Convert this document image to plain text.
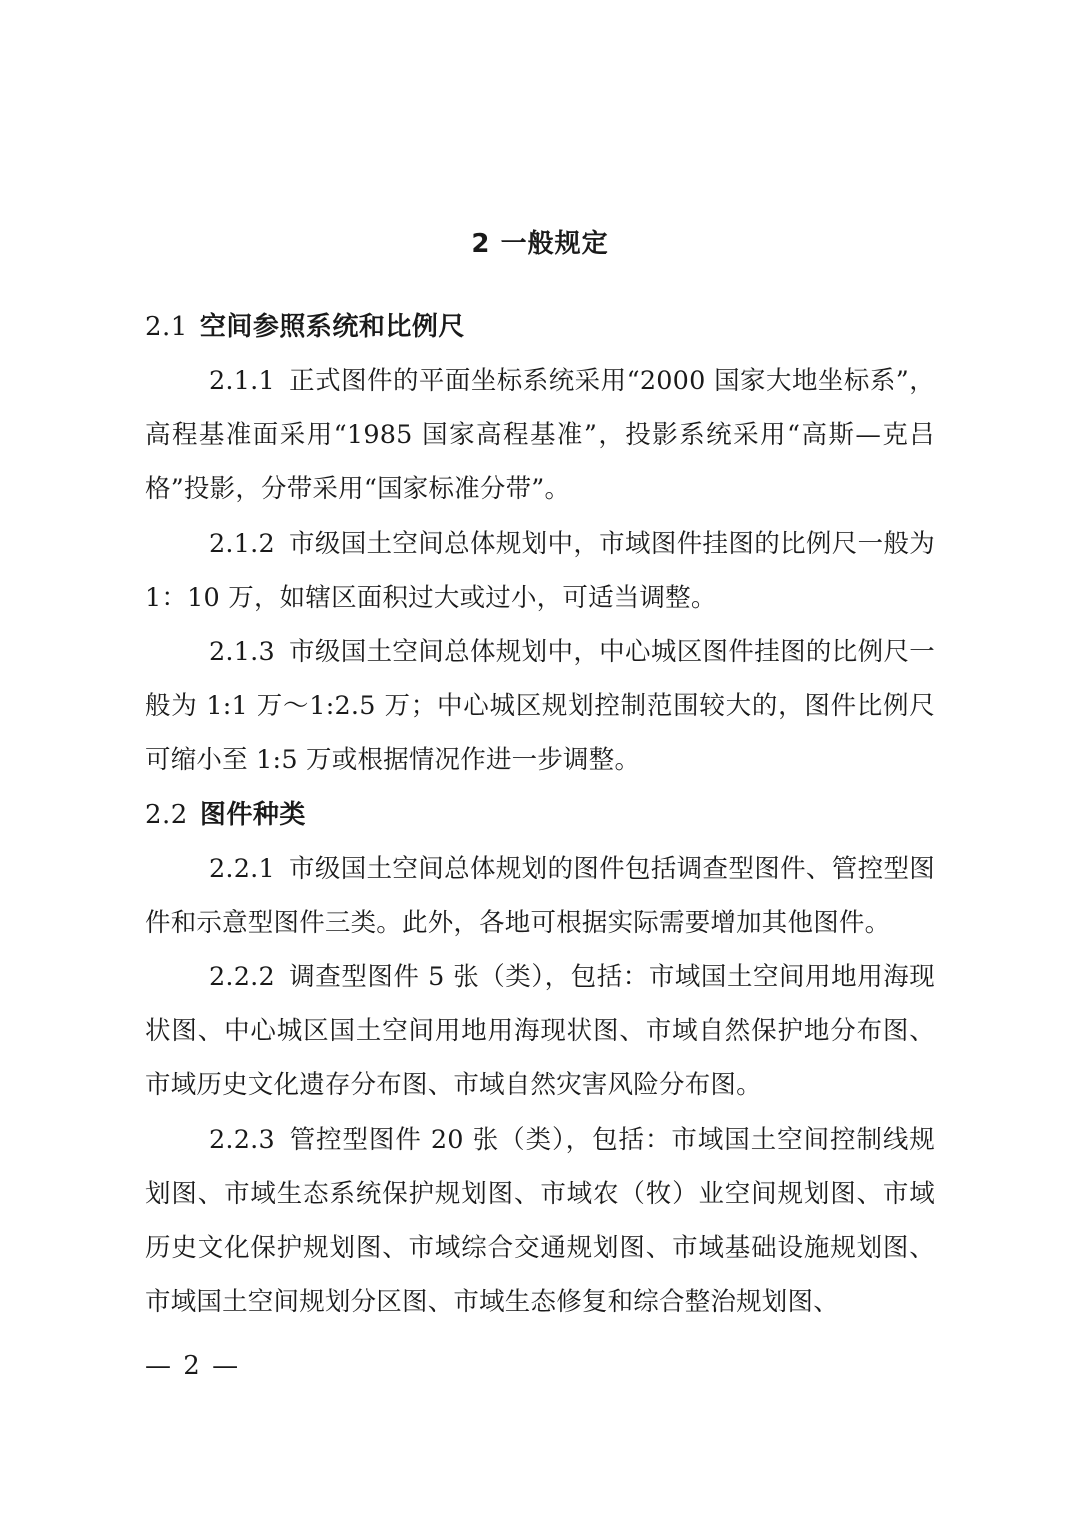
2 一般规定
2.1 空间参照系统和比例尺

2.1.1 正式图件的平面坐标系统采用“2000 国家大地坐标系”，高程基准面采用“1985 国家高程基准”，投影系统采用“高斯—克吕格”投影，分带采用“国家标准分带”。

2.1.2 市级国土空间总体规划中，市域图件挂图的比例尺一般为 1：10 万，如辖区面积过大或过小，可适当调整。

2.1.3 市级国土空间总体规划中，中心城区图件挂图的比例尺一般为 1:1 万～1:2.5 万；中心城区规划控制范围较大的，图件比例尺可缩小至 1:5 万或根据情况作进一步调整。

2.2 图件种类

2.2.1 市级国土空间总体规划的图件包括调查型图件、管控型图件和示意型图件三类。此外，各地可根据实际需要增加其他图件。

2.2.2 调查型图件 5 张（类），包括：市域国土空间用地用海现状图、中心城区国土空间用地用海现状图、市域自然保护地分布图、市域历史文化遗存分布图、市域自然灾害风险分布图。

2.2.3 管控型图件 20 张（类），包括：市域国土空间控制线规划图、市域生态系统保护规划图、市域农（牧）业空间规划图、市域历史文化保护规划图、市域综合交通规划图、市域基础设施规划图、市域国土空间规划分区图、市域生态修复和综合整治规划图、

— 2 —
